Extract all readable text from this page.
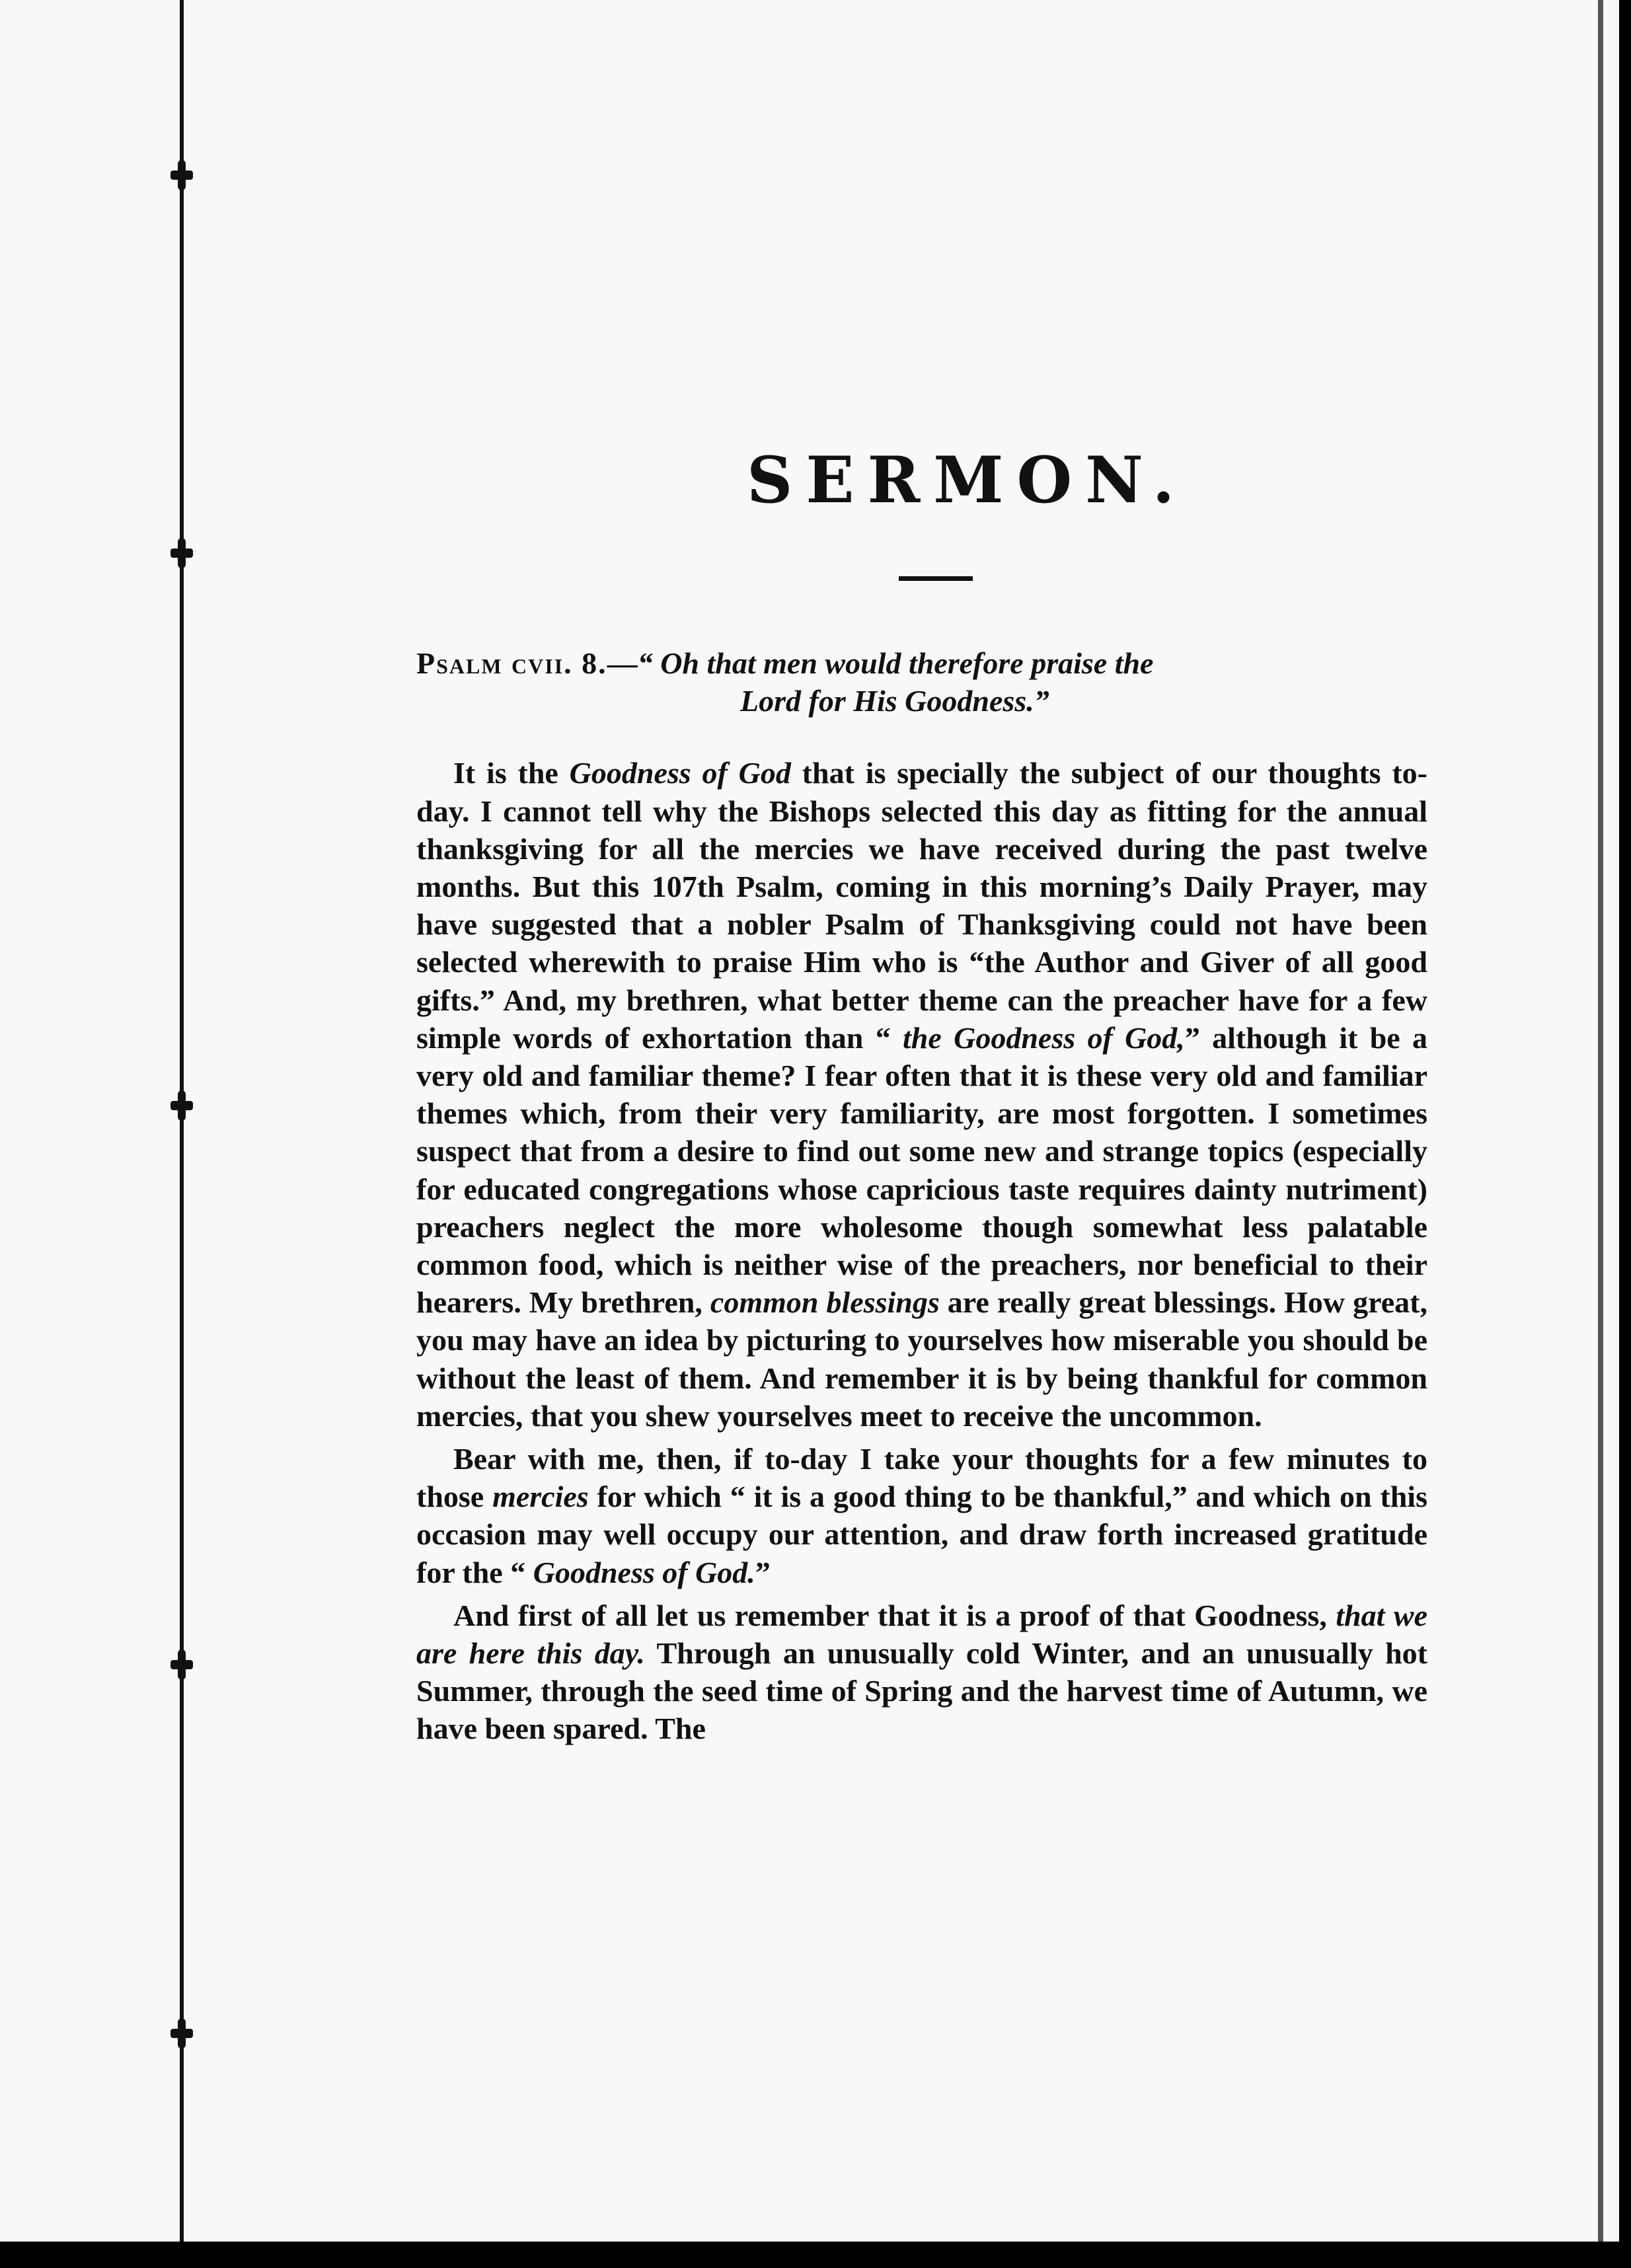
SERMON.

Psalm cvii. 8.—“ Oh that men would therefore praise the
Lord for His Goodness.”

It is the Goodness of God that is specially the subject of our thoughts to-day. I cannot tell why the Bishops selected this day as fitting for the annual thanksgiving for all the mercies we have received during the past twelve months. But this 107th Psalm, coming in this morning’s Daily Prayer, may have suggested that a nobler Psalm of Thanksgiving could not have been selected wherewith to praise Him who is “the Author and Giver of all good gifts.” And, my brethren, what better theme can the preacher have for a few simple words of exhortation than “ the Goodness of God,” although it be a very old and familiar theme? I fear often that it is these very old and familiar themes which, from their very familiarity, are most forgotten. I sometimes suspect that from a desire to find out some new and strange topics (especially for educated congregations whose capricious taste requires dainty nutriment) preachers neglect the more wholesome though somewhat less palatable common food, which is neither wise of the preachers, nor beneficial to their hearers. My brethren, common blessings are really great blessings. How great, you may have an idea by picturing to yourselves how miserable you should be without the least of them. And remember it is by being thankful for common mercies, that you shew yourselves meet to receive the uncommon.

Bear with me, then, if to-day I take your thoughts for a few minutes to those mercies for which “ it is a good thing to be thankful,” and which on this occasion may well occupy our attention, and draw forth increased gratitude for the “ Goodness of God.”

And first of all let us remember that it is a proof of that Goodness, that we are here this day. Through an unusually cold Winter, and an unusually hot Summer, through the seed time of Spring and the harvest time of Autumn, we have been spared. The
